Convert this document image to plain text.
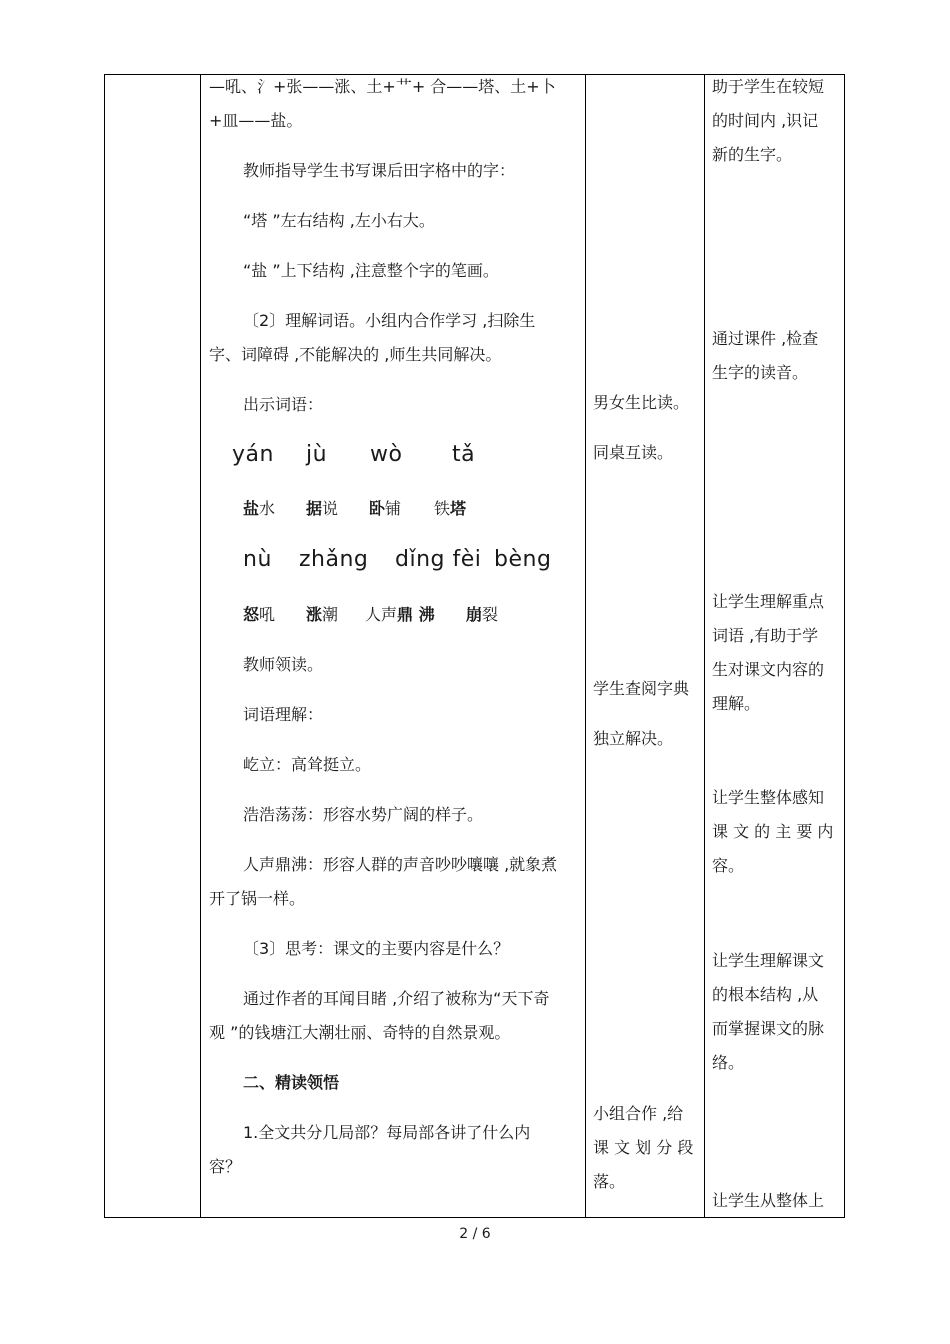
—吼、氵+张——涨、土+艹+ 合——塔、土+卜

+皿——盐。

教师指导学生书写课后田字格中的字：

“塔 ”左右结构 ,左小右大。

“盐 ”上下结构 ,注意整个字的笔画。

〔2〕理解词语。小组内合作学习 ,扫除生

字、词障碍 ,不能解决的 ,师生共同解决。

出示词语：

yán jù wò tǎ
盐水 据说 卧铺 铁塔
nù zhǎng dǐng fèi bèng
怒吼 涨潮 人声鼎 沸 崩裂

教师领读。

词语理解：

屹立：高耸挺立。

浩浩荡荡：形容水势广阔的样子。

人声鼎沸：形容人群的声音吵吵嚷嚷 ,就象煮

开了锅一样。

〔3〕思考：课文的主要内容是什么？

通过作者的耳闻目睹 ,介绍了被称为“天下奇

观 ”的钱塘江大潮壮丽、奇特的自然景观。

二、精读领悟

1.全文共分几局部？每局部各讲了什么内

容？

男女生比读。

同桌互读。

学生查阅字典

独立解决。

小组合作 ,给

课 文 划 分 段

落。

助于学生在较短

的时间内 ,识记

新的生字。

通过课件 ,检查

生字的读音。

让学生理解重点

词语 ,有助于学

生对课文内容的

理解。

让学生整体感知

课 文 的 主 要 内

容。

让学生理解课文

的根本结构 ,从

而掌握课文的脉

络。

让学生从整体上

2 / 6
